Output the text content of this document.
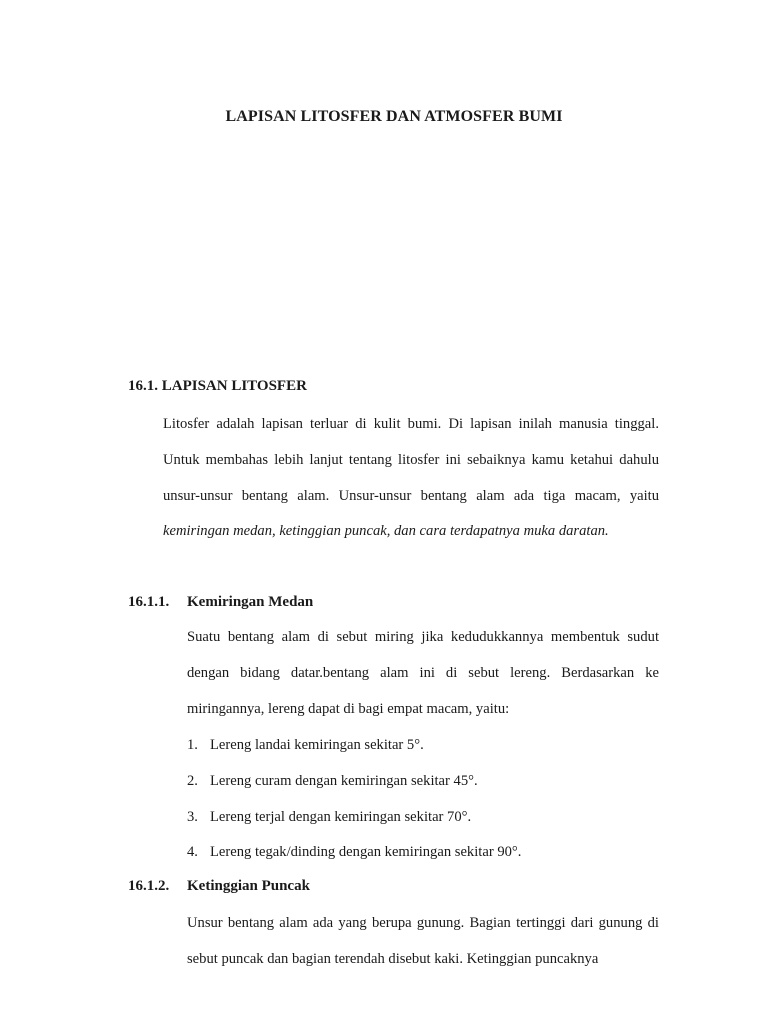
LAPISAN LITOSFER DAN ATMOSFER BUMI
16.1. LAPISAN LITOSFER

Litosfer adalah lapisan terluar di kulit bumi. Di lapisan inilah manusia tinggal. Untuk membahas lebih lanjut tentang litosfer ini sebaiknya kamu ketahui dahulu unsur-unsur bentang alam. Unsur-unsur bentang alam ada tiga macam, yaitu kemiringan medan, ketinggian puncak, dan cara terdapatnya muka daratan.

16.1.1. Kemiringan Medan

Suatu bentang alam di sebut miring jika kedudukkannya membentuk sudut dengan bidang datar.bentang alam ini di sebut lereng. Berdasarkan ke miringannya, lereng dapat di bagi empat macam, yaitu:

1. Lereng landai kemiringan sekitar 5°.
2. Lereng curam dengan kemiringan sekitar 45°.
3. Lereng terjal dengan kemiringan sekitar 70°.
4. Lereng tegak/dinding dengan kemiringan sekitar 90°.
16.1.2. Ketinggian Puncak

Unsur bentang alam ada yang berupa gunung. Bagian tertinggi dari gunung di sebut puncak dan bagian terendah disebut kaki. Ketinggian puncaknya
